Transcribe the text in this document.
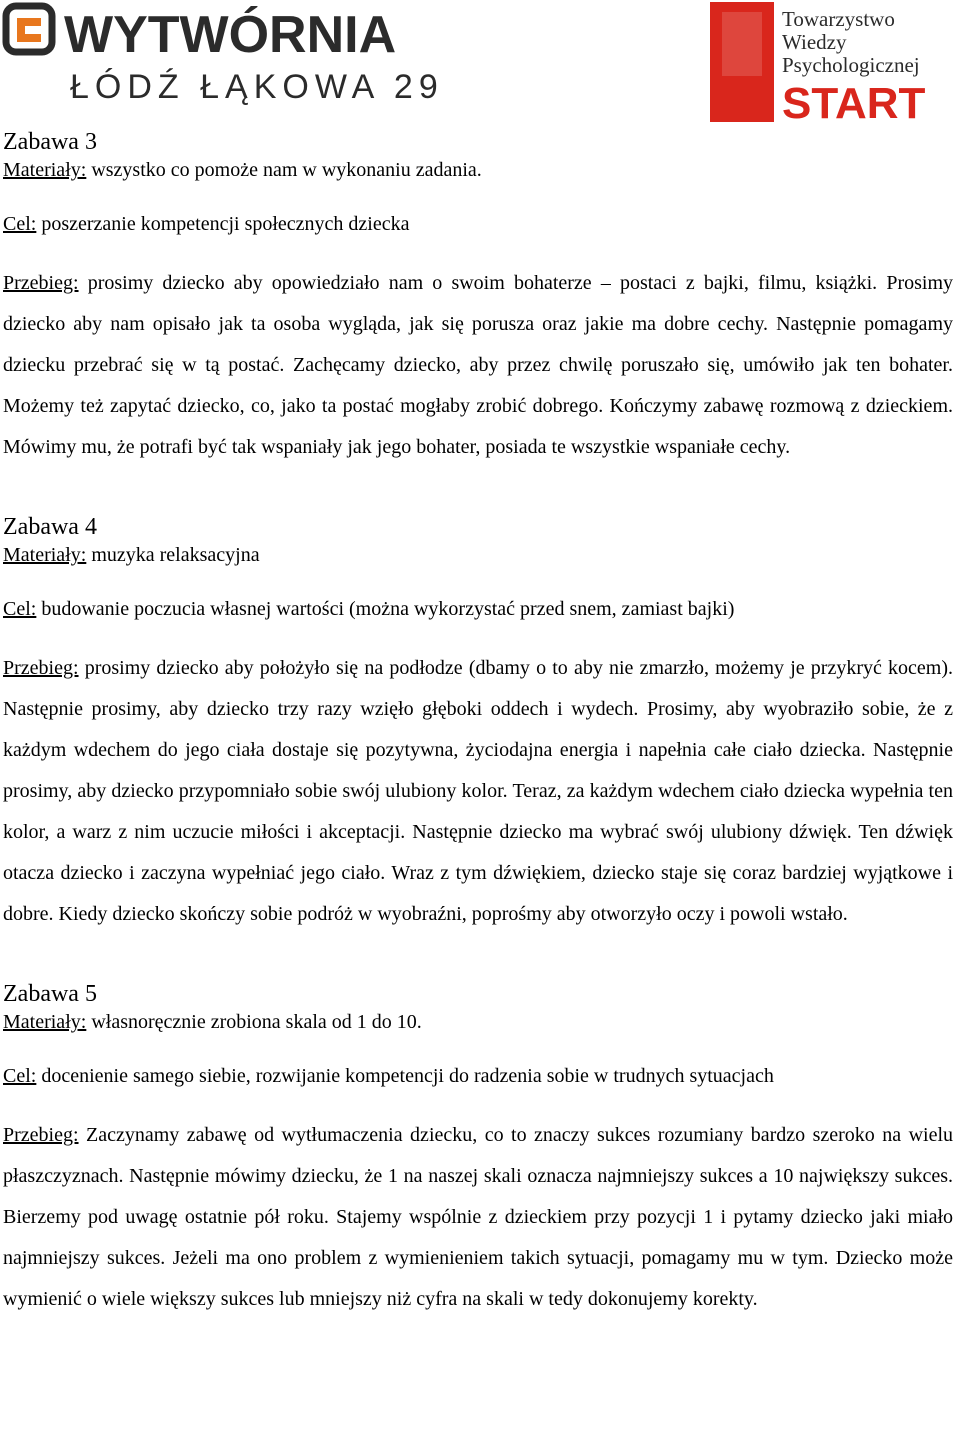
WYTWÓRNIA
ŁÓDŹ ŁĄKOWA 29
Towarzystwo
Wiedzy
Psychologicznej
START
Zabawa 3

Materiały: wszystko co pomoże nam w wykonaniu zadania.

Cel: poszerzanie kompetencji społecznych dziecka

Przebieg: prosimy dziecko aby opowiedziało nam o swoim bohaterze – postaci z bajki, filmu, książki. Prosimy dziecko aby nam opisało jak ta osoba wygląda, jak się porusza oraz jakie ma dobre cechy. Następnie pomagamy dziecku przebrać się w tą postać. Zachęcamy dziecko, aby przez chwilę poruszało się, umówiło jak ten bohater. Możemy też zapytać dziecko, co, jako ta postać mogłaby zrobić dobrego. Kończymy zabawę rozmową z dzieckiem. Mówimy mu, że potrafi być tak wspaniały jak jego bohater, posiada te wszystkie wspaniałe cechy.

Zabawa 4

Materiały: muzyka relaksacyjna

Cel: budowanie poczucia własnej wartości (można wykorzystać przed snem, zamiast bajki)

Przebieg: prosimy dziecko aby położyło się na podłodze (dbamy o to aby nie zmarzło, możemy je przykryć kocem). Następnie prosimy, aby dziecko trzy razy wzięło głęboki oddech i wydech. Prosimy, aby wyobraziło sobie, że z każdym wdechem do jego ciała dostaje się pozytywna, życiodajna energia i napełnia całe ciało dziecka. Następnie prosimy, aby dziecko przypomniało sobie swój ulubiony kolor. Teraz, za każdym wdechem ciało dziecka wypełnia ten kolor, a warz z nim uczucie miłości i akceptacji. Następnie dziecko ma wybrać swój ulubiony dźwięk. Ten dźwięk otacza dziecko i zaczyna wypełniać jego ciało. Wraz z tym dźwiękiem, dziecko staje się coraz bardziej wyjątkowe i dobre. Kiedy dziecko skończy sobie podróż w wyobraźni, poprośmy aby otworzyło oczy i powoli wstało.

Zabawa 5

Materiały: własnoręcznie zrobiona skala od 1 do 10.

Cel: docenienie samego siebie, rozwijanie kompetencji do radzenia sobie w trudnych sytuacjach

Przebieg: Zaczynamy zabawę od wytłumaczenia dziecku, co to znaczy sukces rozumiany bardzo szeroko na wielu płaszczyznach. Następnie mówimy dziecku, że 1 na naszej skali oznacza najmniejszy sukces a 10 największy sukces. Bierzemy pod uwagę ostatnie pół roku. Stajemy wspólnie z dzieckiem przy pozycji 1 i pytamy dziecko jaki miało najmniejszy sukces. Jeżeli ma ono problem z wymienieniem takich sytuacji, pomagamy mu w tym. Dziecko może wymienić o wiele większy sukces lub mniejszy niż cyfra na skali w tedy dokonujemy korekty.
